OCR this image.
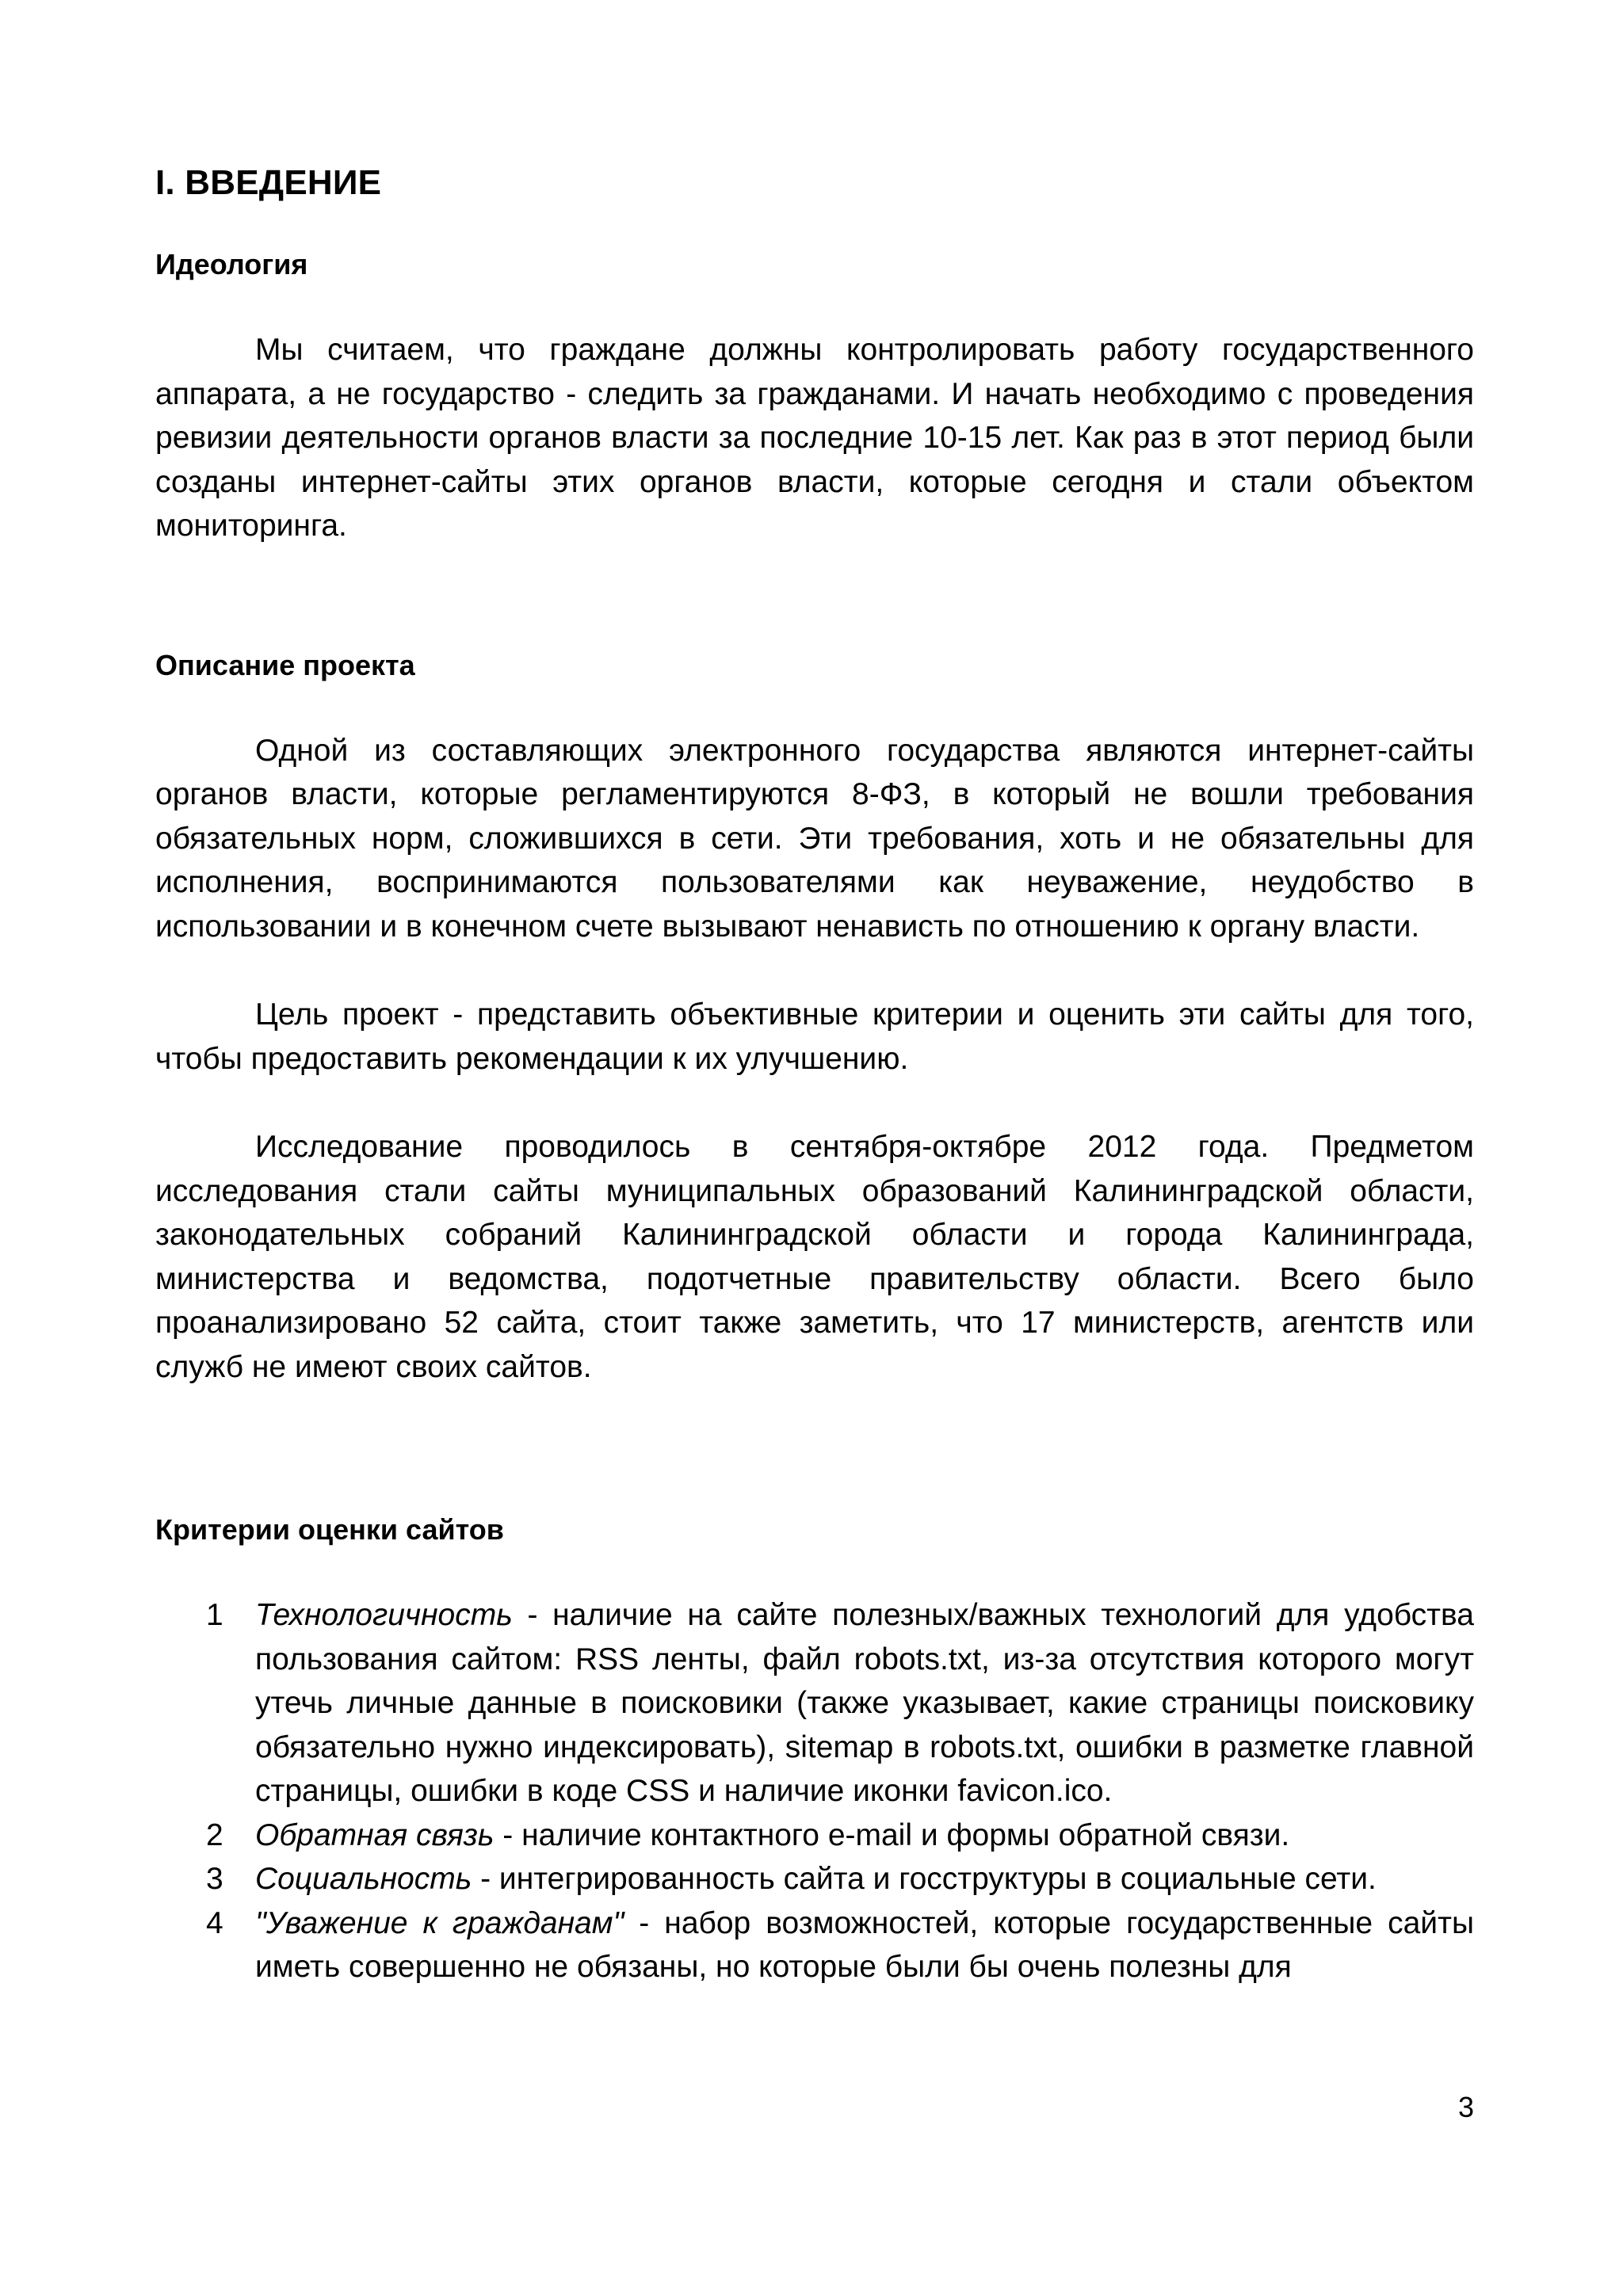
I. ВВЕДЕНИЕ
Идеология

Мы считаем, что граждане должны контролировать работу государственного аппарата, а не государство - следить за гражданами. И начать необходимо с проведения ревизии деятельности органов власти за последние 10-15 лет. Как раз в этот период были созданы интернет-сайты этих органов власти, которые сегодня и стали объектом мониторинга.

Описание проекта

Одной из составляющих электронного государства являются интернет-сайты органов власти, которые регламентируются 8-ФЗ, в который не вошли требования обязательных норм, сложившихся в сети. Эти требования, хоть и не обязательны для исполнения, воспринимаются пользователями как неуважение, неудобство в использовании и в конечном счете вызывают ненависть по отношению к органу власти.

Цель проект - представить объективные критерии и оценить эти сайты для того, чтобы предоставить рекомендации к их улучшению.

Исследование проводилось в сентября-октябре 2012 года. Предметом исследования стали сайты муниципальных образований Калининградской области, законодательных собраний Калининградской области и города Калининграда, министерства и ведомства, подотчетные правительству области. Всего было проанализировано 52 сайта, стоит также заметить, что 17 министерств, агентств или служб не имеют своих сайтов.

Критерии оценки сайтов
1	Технологичность - наличие на сайте полезных/важных технологий для удобства пользования сайтом: RSS ленты, файл robots.txt, из-за отсутствия которого могут утечь личные данные в поисковики (также указывает, какие страницы поисковику обязательно нужно индексировать), sitemap в robots.txt, ошибки в разметке главной страницы, ошибки в коде CSS и наличие иконки favicon.ico.
2	Обратная связь - наличие контактного e-mail и формы обратной связи.
3	Социальность - интегрированность сайта и госструктуры в социальные сети.
4	"Уважение к гражданам" - набор возможностей, которые государственные сайты иметь совершенно не обязаны, но которые были бы очень полезны для
3
